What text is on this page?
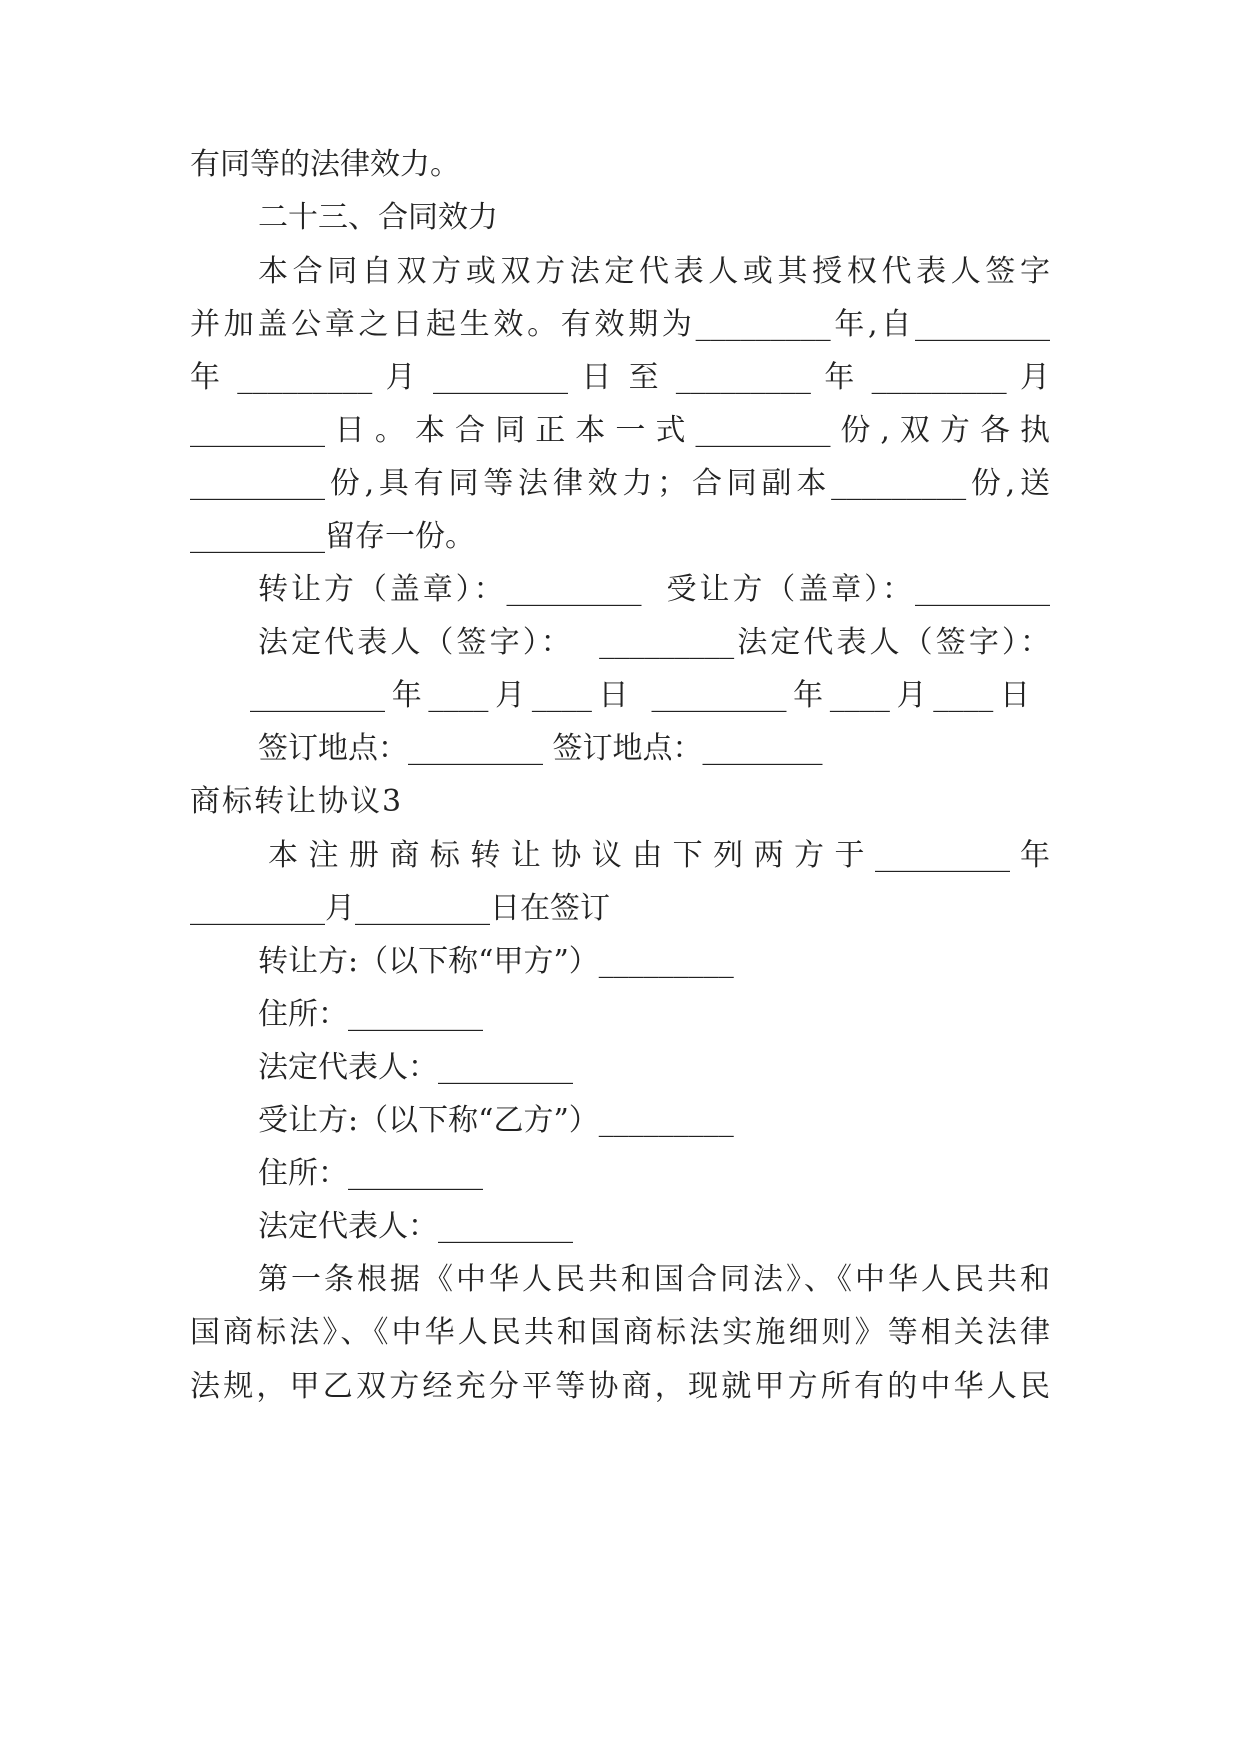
有同等的法律效力。

二十三、合同效力

本合同自双方或双方法定代表人或其授权代表人签字

并加盖公章之日起生效。有效期为_________年,自_________

年 _________ 月 _________ 日 至 _________ 年 _________ 月

_________ 日 。 本 合 同 正 本 一 式 _________ 份 , 双 方 各 执

_________份,具有同等法律效力；合同副本_________份,送

_________留存一份。

转让方（盖章）：_________  受让方（盖章）：_________

法定代表人（签字）：  _________法定代表人（签字）：

_________年____月____日 _________年____月____日

签订地点：_________ 签订地点：________

商标转让协议3

本 注 册 商 标 转 让 协 议 由 下 列 两 方 于 _________ 年

_________月_________日在签订

转让方:（以下称“甲方”）_________

住所：_________

法定代表人：_________

受让方:（以下称“乙方”）_________

住所：_________

法定代表人：_________

第一条根据《中华人民共和国合同法》、《中华人民共和

国商标法》、《中华人民共和国商标法实施细则》等相关法律

法规，甲乙双方经充分平等协商，现就甲方所有的中华人民
